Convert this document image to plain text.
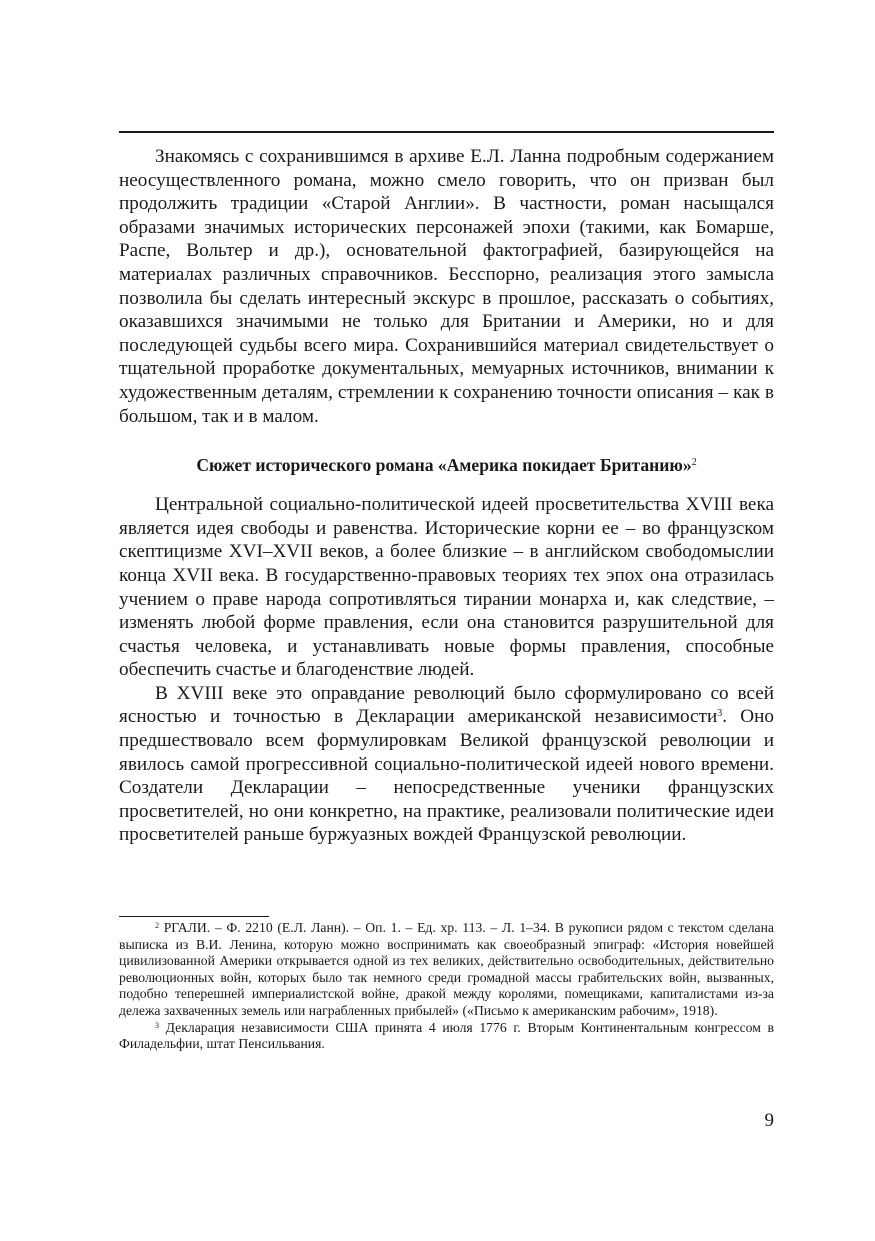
Знакомясь с сохранившимся в архиве Е.Л. Ланна подробным содержанием неосуществленного романа, можно смело говорить, что он призван был продолжить традиции «Старой Англии». В частности, роман насыщался образами значимых исторических персонажей эпохи (такими, как Бомарше, Распе, Вольтер и др.), основательной фактографией, базирующейся на материалах различных справочников. Бесспорно, реализация этого замысла позволила бы сделать интересный экскурс в прошлое, рассказать о событиях, оказавшихся значимыми не только для Британии и Америки, но и для последующей судьбы всего мира. Сохранившийся материал свидетельствует о тщательной проработке документальных, мемуарных источников, внимании к художественным деталям, стремлении к сохранению точности описания – как в большом, так и в малом.

Сюжет исторического романа «Америка покидает Британию»$^2$

Центральной социально-политической идеей просветительства XVIII века является идея свободы и равенства. Исторические корни ее – во французском скептицизме XVI–XVII веков, а более близкие – в английском свободомыслии конца XVII века. В государственно-правовых теориях тех эпох она отразилась учением о праве народа сопротивляться тирании монарха и, как следствие, – изменять любой форме правления, если она становится разрушительной для счастья человека, и устанавливать новые формы правления, способные обеспечить счастье и благоденствие людей.

В XVIII веке это оправдание революций было сформулировано со всей ясностью и точностью в Декларации американской независимости$^3$. Оно предшествовало всем формулировкам Великой французской революции и явилось самой прогрессивной социально-политической идеей нового времени. Создатели Декларации – непосредственные ученики французских просветителей, но они конкретно, на практике, реализовали политические идеи просветителей раньше буржуазных вождей Французской революции.

$^2$ РГАЛИ. – Ф. 2210 (Е.Л. Ланн). – Оп. 1. – Ед. хр. 113. – Л. 1–34. В рукописи рядом с текстом сделана выписка из В.И. Ленина, которую можно воспринимать как своеобразный эпиграф: «История новейшей цивилизованной Америки открывается одной из тех великих, действительно освободительных, действительно революционных войн, которых было так немного среди громадной массы грабительских войн, вызванных, подобно теперешней империалистской войне, дракой между королями, помещиками, капиталистами из-за дележа захваченных земель или награбленных прибылей» («Письмо к американским рабочим», 1918).

$^3$ Декларация независимости США принята 4 июля 1776 г. Вторым Континентальным конгрессом в Филадельфии, штат Пенсильвания.

9
